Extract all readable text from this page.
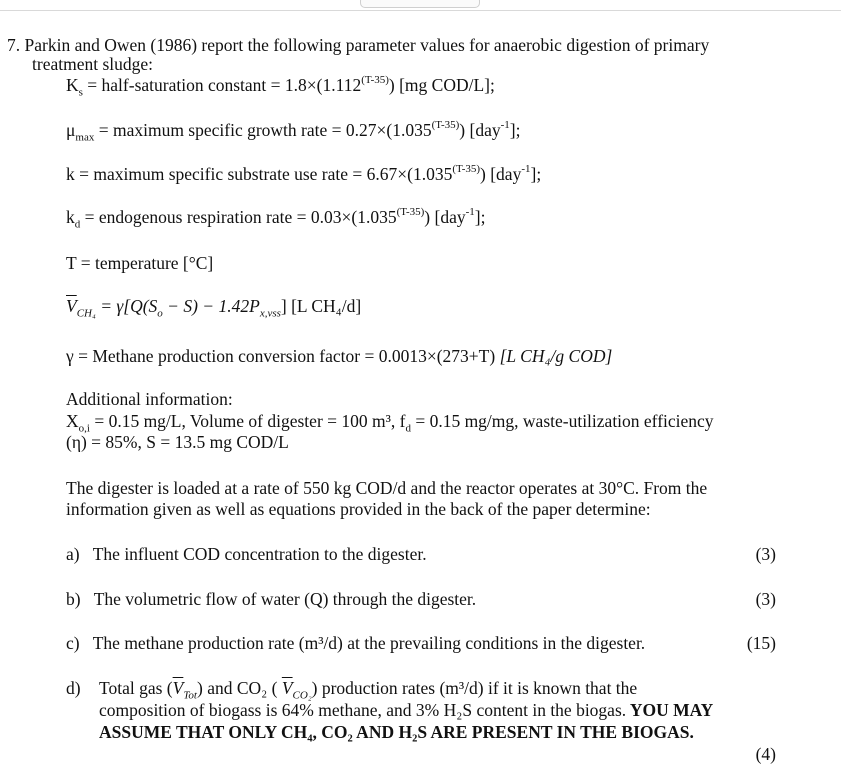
7. Parkin and Owen (1986) report the following parameter values for anaerobic digestion of primary
treatment sludge:
$K_s$ = half-saturation constant = $1.8\times(1.112^{(T-35)})$ [mg COD/L];
$\mu_{max}$ = maximum specific growth rate = $0.27\times(1.035^{(T-35)})$ [day$^{-1}$];
k = maximum specific substrate use rate = $6.67\times(1.035^{(T-35)})$ [day$^{-1}$];
$k_d$ = endogenous respiration rate = $0.03\times(1.035^{(T-35)})$ [day$^{-1}$];
T = temperature [°C]
$\overline{V}_{CH_4} = \gamma[Q(S_o - S) - 1.42P_{x,vss}]$ [L CH₄/d]
γ = Methane production conversion factor = 0.0013×(273+T) [L CH₄/g COD]
Additional information:
$X_{o,i} = 0.15$ mg/L, Volume of digester = 100 m³, $f_d = 0.15$ mg/mg, waste-utilization efficiency
(η) = 85%, S = 13.5 mg COD/L
The digester is loaded at a rate of 550 kg COD/d and the reactor operates at 30°C. From the
information given as well as equations provided in the back of the paper determine:
a) The influent COD concentration to the digester.	(3)
b) The volumetric flow of water (Q) through the digester.	(3)
c) The methane production rate (m³/d) at the prevailing conditions in the digester.	(15)
d) Total gas $(\overline{V}_{Tot})$ and CO₂ ( $\overline{V}_{CO_2}$) production rates (m³/d) if it is known that the
composition of biogass is 64% methane, and 3% H₂S content in the biogas. YOU MAY
ASSUME THAT ONLY CH₄, CO₂ AND H₂S ARE PRESENT IN THE BIOGAS.
(4)
